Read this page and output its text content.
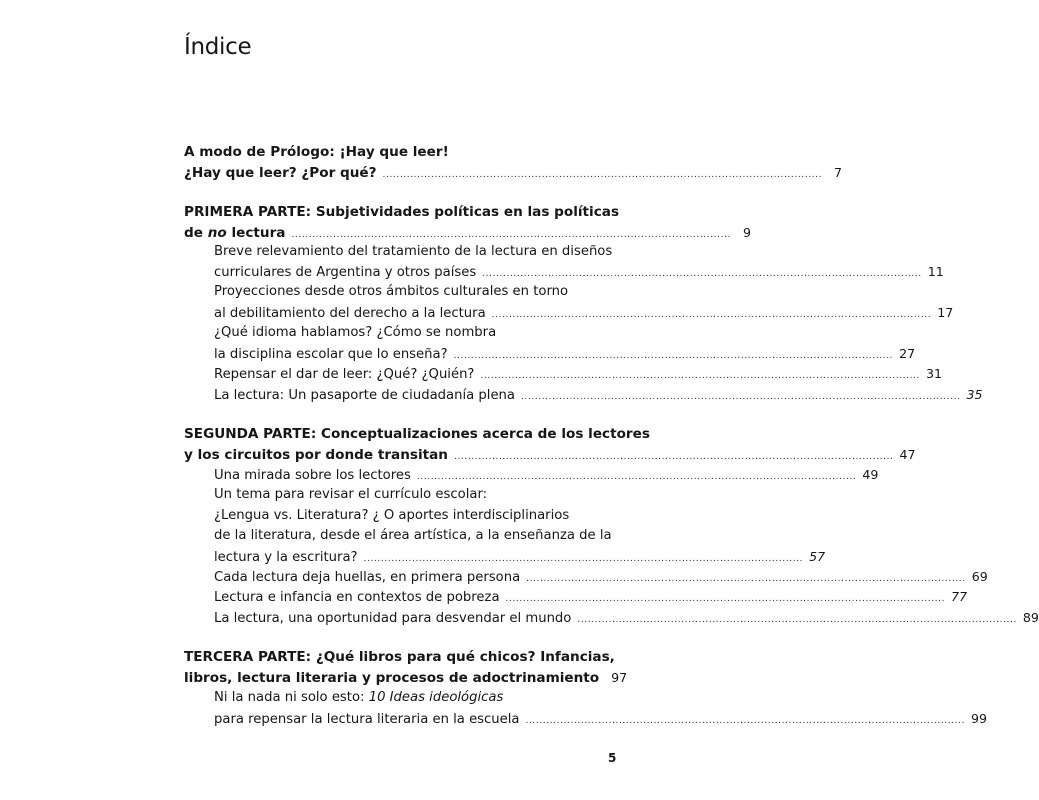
Índice
A modo de Prólogo: ¡Hay que leer!
¿Hay que leer? ¿Por qué? ............................................................................................................................... 7
PRIMERA PARTE: Subjetividades políticas en las políticas
de no lectura ............................................................................................................................... 9
Breve relevamiento del tratamiento de la lectura en diseños
curriculares de Argentina y otros países ............................................................................................................................... 11
Proyecciones desde otros ámbitos culturales en torno
al debilitamiento del derecho a la lectura ............................................................................................................................... 17
¿Qué idioma hablamos? ¿Cómo se nombra
la disciplina escolar que lo enseña? ............................................................................................................................... 27
Repensar el dar de leer: ¿Qué? ¿Quién? ............................................................................................................................... 31
La lectura: Un pasaporte de ciudadanía plena ............................................................................................................................... 35
SEGUNDA PARTE: Conceptualizaciones acerca de los lectores
y los circuitos por donde transitan ............................................................................................................................... 47
Una mirada sobre los lectores ............................................................................................................................... 49
Un tema para revisar el currículo escolar:
¿Lengua vs. Literatura? ¿ O aportes interdisciplinarios
de la literatura, desde el área artística, a la enseñanza de la
lectura y la escritura? ............................................................................................................................... 57
Cada lectura deja huellas, en primera persona ............................................................................................................................... 69
Lectura e infancia en contextos de pobreza ............................................................................................................................... 77
La lectura, una oportunidad para desvendar el mundo ............................................................................................................................... 89
TERCERA PARTE: ¿Qué libros para qué chicos? Infancias,
libros, lectura literaria y procesos de adoctrinamiento 97
Ni la nada ni solo esto: 10 Ideas ideológicas
para repensar la lectura literaria en la escuela ............................................................................................................................... 99
5
